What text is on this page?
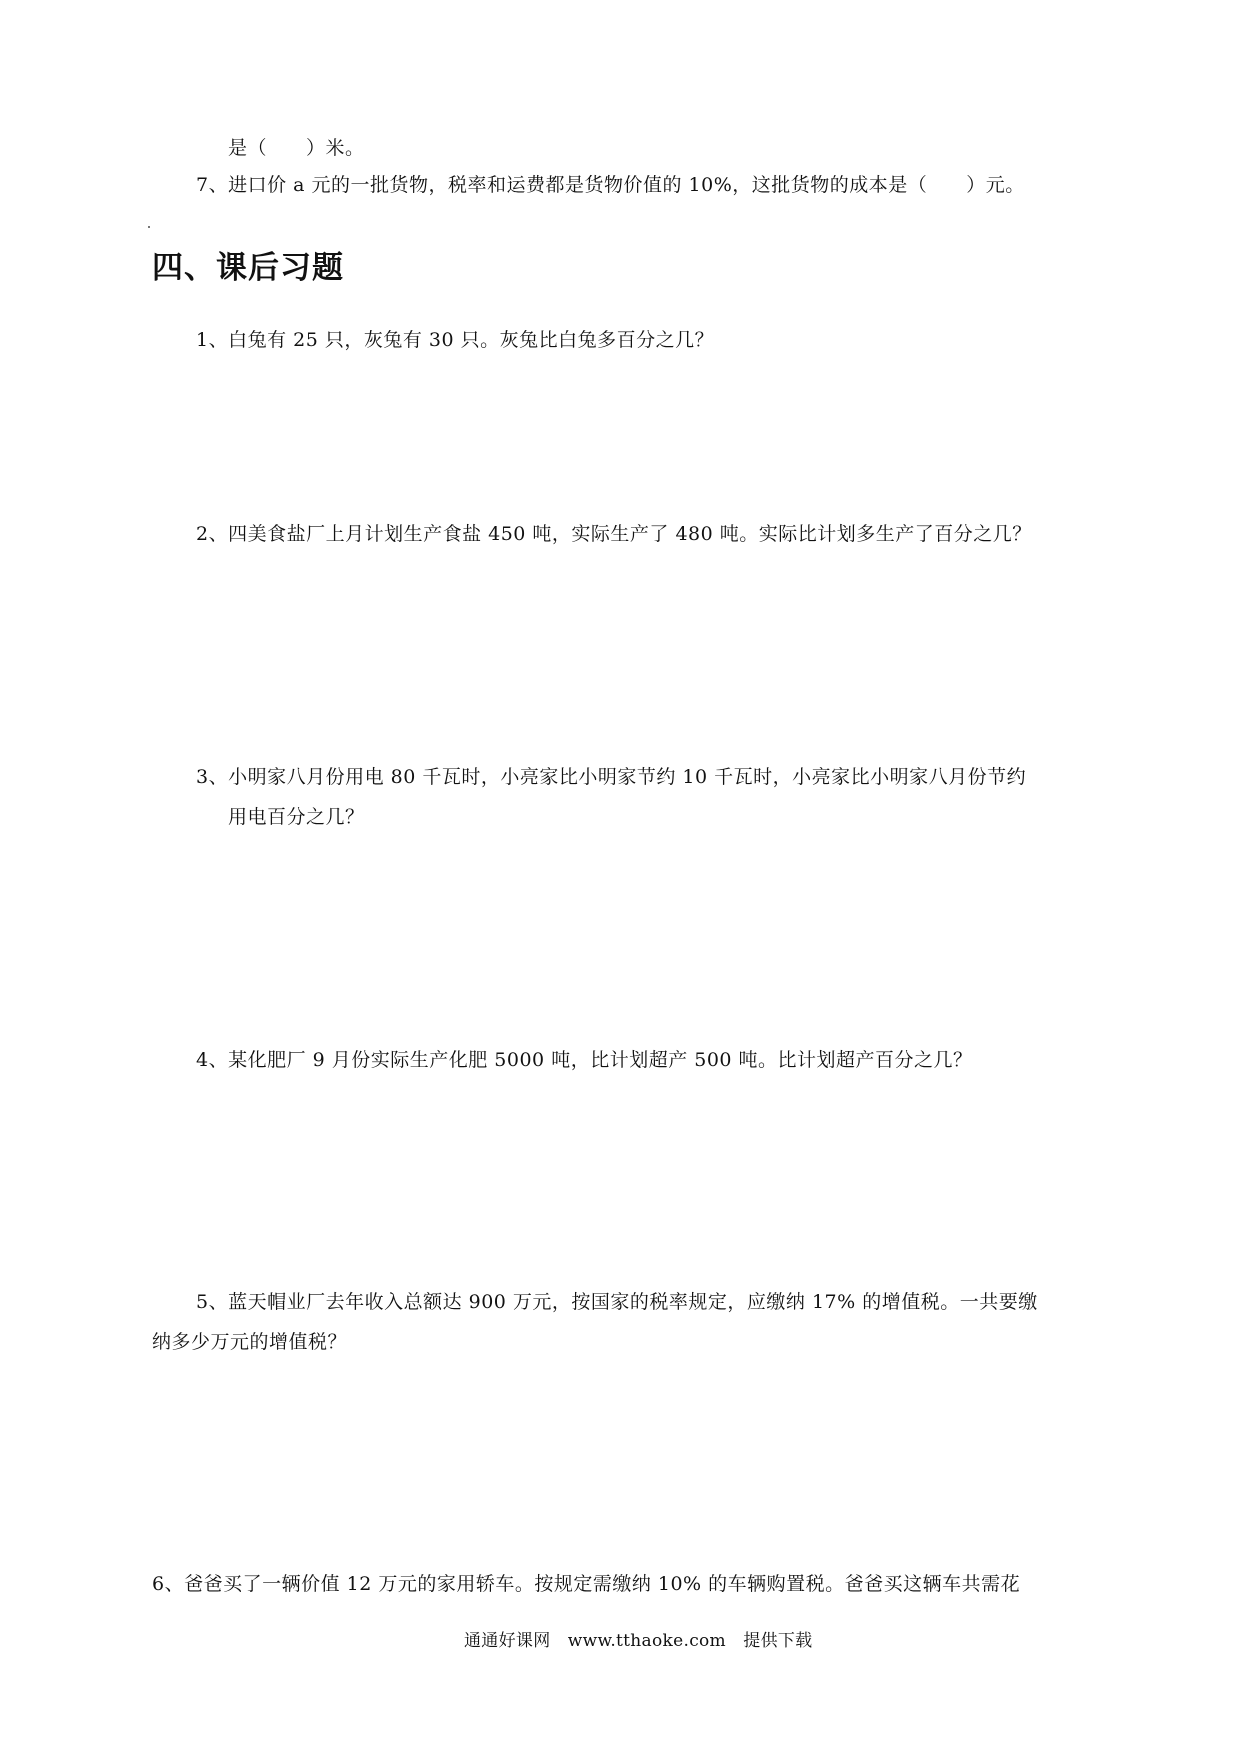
是（　　）米。
7、进口价 a 元的一批货物，税率和运费都是货物价值的 10%，这批货物的成本是（　　）元。
四、课后习题
1、白兔有 25 只，灰兔有 30 只。灰兔比白兔多百分之几？
2、四美食盐厂上月计划生产食盐 450 吨，实际生产了 480 吨。实际比计划多生产了百分之几？
3、小明家八月份用电 80 千瓦时，小亮家比小明家节约 10 千瓦时，小亮家比小明家八月份节约
用电百分之几？
4、某化肥厂 9 月份实际生产化肥 5000 吨，比计划超产 500 吨。比计划超产百分之几？
5、蓝天帽业厂去年收入总额达 900 万元，按国家的税率规定，应缴纳 17% 的增值税。一共要缴
纳多少万元的增值税？
6、爸爸买了一辆价值 12 万元的家用轿车。按规定需缴纳 10% 的车辆购置税。爸爸买这辆车共需花
通通好课网　www.tthaoke.com　提供下载
